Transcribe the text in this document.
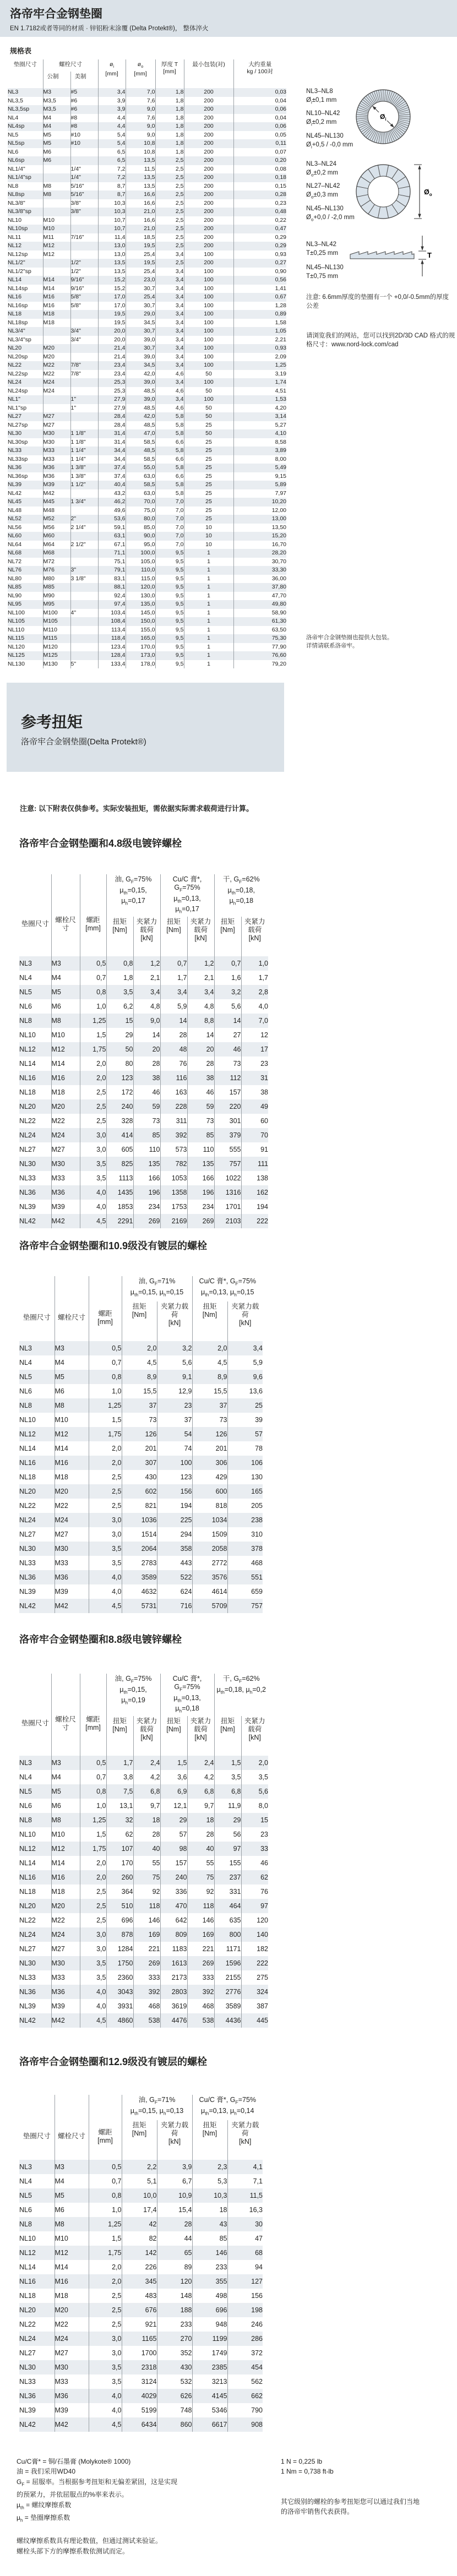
洛帝牢合金钢垫圈

EN 1.7182或者等同的材质 · 锌铝粉末涂覆 (Delta Protekt®)， 整体淬火

规格表
垫圈尺寸	螺栓尺寸		$ø_i$
[mm]	$ø_o$
[mm]	厚度 T
[mm]	最小包装(对)	大约重量
kg / 100对
	公制	美制					
NL3	M3	#5	3,4	7,0	1,8	200	0,03
NL3,5	M3,5	#6	3,9	7,6	1,8	200	0,04
NL3,5sp	M3,5	#6	3,9	9,0	1,8	200	0,06
NL4	M4	#8	4,4	7,6	1,8	200	0,04
NL4sp	M4	#8	4,4	9,0	1,8	200	0,06
NL5	M5	#10	5,4	9,0	1,8	200	0,05
NL5sp	M5	#10	5,4	10,8	1,8	200	0,11
NL6	M6		6,5	10,8	1,8	200	0,07
NL6sp	M6		6,5	13,5	2,5	200	0,20
NL1/4"		1/4"	7,2	11,5	2,5	200	0,08
NL1/4"sp		1/4"	7,2	13,5	2,5	200	0,18
NL8	M8	5/16"	8,7	13,5	2,5	200	0,15
NL8sp	M8	5/16"	8,7	16,6	2,5	200	0,28
NL3/8"		3/8"	10,3	16,6	2,5	200	0,23
NL3/8"sp		3/8"	10,3	21,0	2,5	200	0,48
NL10	M10		10,7	16,6	2,5	200	0,22
NL10sp	M10		10,7	21,0	2,5	200	0,47
NL11	M11	7/16"	11,4	18,5	2,5	200	0,29
NL12	M12		13,0	19,5	2,5	200	0,29
NL12sp	M12		13,0	25,4	3,4	100	0,93
NL1/2"		1/2"	13,5	19,5	2,5	200	0,27
NL1/2"sp		1/2"	13,5	25,4	3,4	100	0,90
NL14	M14	9/16"	15,2	23,0	3,4	100	0,56
NL14sp	M14	9/16"	15,2	30,7	3,4	100	1,41
NL16	M16	5/8"	17,0	25,4	3,4	100	0,67
NL16sp	M16	5/8"	17,0	30,7	3,4	100	1,28
NL18	M18		19,5	29,0	3,4	100	0,89
NL18sp	M18		19,5	34,5	3,4	100	1,58
NL3/4"		3/4"	20,0	30,7	3,4	100	1,05
NL3/4"sp		3/4"	20,0	39,0	3,4	100	2,21
NL20	M20		21,4	30,7	3,4	100	0,93
NL20sp	M20		21,4	39,0	3,4	100	2,09
NL22	M22	7/8"	23,4	34,5	3,4	100	1,25
NL22sp	M22	7/8"	23,4	42,0	4,6	50	3,19
NL24	M24		25,3	39,0	3,4	100	1,74
NL24sp	M24		25,3	48,5	4,6	50	4,51
NL1"		1"	27,9	39,0	3,4	100	1,53
NL1"sp		1"	27,9	48,5	4,6	50	4,20
NL27	M27		28,4	42,0	5,8	50	3,14
NL27sp	M27		28,4	48,5	5,8	25	5,27
NL30	M30	1 1/8"	31,4	47,0	5,8	50	4,10
NL30sp	M30	1 1/8"	31,4	58,5	6,6	25	8,58
NL33	M33	1 1/4"	34,4	48,5	5,8	25	3,89
NL33sp	M33	1 1/4"	34,4	58,5	6,6	25	8,00
NL36	M36	1 3/8"	37,4	55,0	5,8	25	5,49
NL36sp	M36	1 3/8"	37,4	63,0	6,6	25	9,15
NL39	M39	1 1/2"	40,4	58,5	5,8	25	5,89
NL42	M42		43,2	63,0	5,8	25	7,97
NL45	M45	1 3/4"	46,2	70,0	7,0	25	10,20
NL48	M48		49,6	75,0	7,0	25	12,00
NL52	M52	2"	53,6	80,0	7,0	25	13,00
NL56	M56	2 1/4"	59,1	85,0	7,0	10	13,50
NL60	M60		63,1	90,0	7,0	10	15,20
NL64	M64	2 1/2"	67,1	95,0	7,0	10	16,70
NL68	M68		71,1	100,0	9,5	1	28,20
NL72	M72		75,1	105,0	9,5	1	30,70
NL76	M76	3"	79,1	110,0	9,5	1	33,30
NL80	M80	3 1/8"	83,1	115,0	9,5	1	36,00
NL85	M85		88,1	120,0	9,5	1	37,80
NL90	M90		92,4	130,0	9,5	1	47,70
NL95	M95		97,4	135,0	9,5	1	49,80
NL100	M100	4"	103,4	145,0	9,5	1	58,90
NL105	M105		108,4	150,0	9,5	1	61,30
NL110	M110		113,4	155,0	9,5	1	63,50
NL115	M115		118,4	165,0	9,5	1	75,30
NL120	M120		123,4	170,0	9,5	1	77,90
NL125	M125		128,4	173,0	9,5	1	76,60
NL130	M130	5"	133,4	178,0	9,5	1	79,20
NL3–NL8
$Ø_i\pm 0,1$ mm
NL10–NL42
$Ø_i\pm 0,2$ mm
NL45–NL130
$Ø_i+0,5 / -0,0$ mm
$Ø_i$
NL3–NL24
$Ø_o\pm 0,2$ mm
NL27–NL42
$Ø_o\pm 0,3$ mm
NL45–NL130
$Ø_o+0,0 / -2,0$ mm
$Ø_o$
NL3–NL42
T±0,25 mm	T
NL45–NL130
T±0,75 mm

注意: 6.6mm厚度的垫圈有一个 +0,0/-0.5mm的厚度公差

请浏览我们的网站，您可以找到2D/3D CAD 格式的规格尺寸：www.nord-lock.com/cad

洛帝牢合金钢垫圈也提供大包装。
详情请联系洛帝牢。

参考扭矩

洛帝牢合金钢垫圈(Delta Protekt®)

注意: 以下附表仅供参考。实际安装扭矩，需依据实际需求载荷进行计算。

洛帝牢合金钢垫圈和4.8级电镀锌螺栓
垫圈尺寸	螺栓尺寸	螺距
[mm]	油, $G_F=75\%$
$\mu_{th}=0,15$, $\mu_h=0,17$		Cu/C 膏*, $G_F=75\%$
$\mu_{th}=0,13$, $\mu_h=0,17$		干, $G_F=62\%$
$\mu_{th}=0,18$, $\mu_h=0,18$	
			扭矩
[Nm]	夹紧力载荷
[kN]	扭矩
[Nm]	夹紧力载荷
[kN]	扭矩
[Nm]	夹紧力载荷
[kN]
NL3	M3	0,5	0,8	1,2	0,7	1,2	0,7	1,0
NL4	M4	0,7	1,8	2,1	1,7	2,1	1,6	1,7
NL5	M5	0,8	3,5	3,4	3,4	3,4	3,2	2,8
NL6	M6	1,0	6,2	4,8	5,9	4,8	5,6	4,0
NL8	M8	1,25	15	9,0	14	8,8	14	7,0
NL10	M10	1,5	29	14	28	14	27	12
NL12	M12	1,75	50	20	48	20	46	17
NL14	M14	2,0	80	28	76	28	73	23
NL16	M16	2,0	123	38	116	38	112	31
NL18	M18	2,5	172	46	163	46	157	38
NL20	M20	2,5	240	59	228	59	220	49
NL22	M22	2,5	328	73	311	73	301	60
NL24	M24	3,0	414	85	392	85	379	70
NL27	M27	3,0	605	110	573	110	555	91
NL30	M30	3,5	825	135	782	135	757	111
NL33	M33	3,5	1113	166	1053	166	1022	138
NL36	M36	4,0	1435	196	1358	196	1316	162
NL39	M39	4,0	1853	234	1753	234	1701	194
NL42	M42	4,5	2291	269	2169	269	2103	222
洛帝牢合金钢垫圈和10.9级没有镀层的螺栓
垫圈尺寸	螺栓尺寸	螺距
[mm]	油, $G_F=71\%$
$\mu_{th}=0,15$, $\mu_h=0,15$		Cu/C 膏*, $G_F=75\%$
$\mu_{th}=0,13$, $\mu_h=0,15$	
			扭矩
[Nm]	夹紧力载荷
[kN]	扭矩
[Nm]	夹紧力载荷
[kN]
NL3	M3	0,5	2,0	3,2	2,0	3,4
NL4	M4	0,7	4,5	5,6	4,5	5,9
NL5	M5	0,8	8,9	9,1	8,9	9,6
NL6	M6	1,0	15,5	12,9	15,5	13,6
NL8	M8	1,25	37	23	37	25
NL10	M10	1,5	73	37	73	39
NL12	M12	1,75	126	54	126	57
NL14	M14	2,0	201	74	201	78
NL16	M16	2,0	307	100	306	106
NL18	M18	2,5	430	123	429	130
NL20	M20	2,5	602	156	600	165
NL22	M22	2,5	821	194	818	205
NL24	M24	3,0	1036	225	1034	238
NL27	M27	3,0	1514	294	1509	310
NL30	M30	3,5	2064	358	2058	378
NL33	M33	3,5	2783	443	2772	468
NL36	M36	4,0	3589	522	3576	551
NL39	M39	4,0	4632	624	4614	659
NL42	M42	4,5	5731	716	5709	757
洛帝牢合金钢垫圈和8.8级电镀锌螺栓
垫圈尺寸	螺栓尺寸	螺距
[mm]	油, $G_F=75\%$
$\mu_{th}=0,15$, $\mu_h=0,19$		Cu/C 膏*, $G_F=75\%$
$\mu_{th}=0,13$, $\mu_h=0,18$		干, $G_F=62\%$
$\mu_{th}=0,18$, $\mu_h=0,2$	
			扭矩
[Nm]	夹紧力载荷
[kN]	扭矩
[Nm]	夹紧力载荷
[kN]	扭矩
[Nm]	夹紧力载荷
[kN]
NL3	M3	0,5	1,7	2,4	1,5	2,4	1,5	2,0
NL4	M4	0,7	3,8	4,2	3,6	4,2	3,5	3,5
NL5	M5	0,8	7,5	6,8	6,9	6,8	6,8	5,6
NL6	M6	1,0	13,1	9,7	12,1	9,7	11,9	8,0
NL8	M8	1,25	32	18	29	18	29	15
NL10	M10	1,5	62	28	57	28	56	23
NL12	M12	1,75	107	40	98	40	97	33
NL14	M14	2,0	170	55	157	55	155	46
NL16	M16	2,0	260	75	240	75	237	62
NL18	M18	2,5	364	92	336	92	331	76
NL20	M20	2,5	510	118	470	118	464	97
NL22	M22	2,5	696	146	642	146	635	120
NL24	M24	3,0	878	169	809	169	800	140
NL27	M27	3,0	1284	221	1183	221	1171	182
NL30	M30	3,5	1750	269	1613	269	1596	222
NL33	M33	3,5	2360	333	2173	333	2155	275
NL36	M36	4,0	3043	392	2803	392	2776	324
NL39	M39	4,0	3931	468	3619	468	3589	387
NL42	M42	4,5	4860	538	4476	538	4436	445
洛帝牢合金钢垫圈和12.9级没有镀层的螺栓
垫圈尺寸	螺栓尺寸	螺距
[mm]	油, $G_F=71\%$
$\mu_{th}=0,15$, $\mu_h=0,13$		Cu/C 膏*, $G_F=75\%$
$\mu_{th}=0,13$, $\mu_h=0,14$	
			扭矩
[Nm]	夹紧力载荷
[kN]	扭矩
[Nm]	夹紧力载荷
[kN]
NL3	M3	0,5	2,2	3,9	2,3	4,1
NL4	M4	0,7	5,1	6,7	5,3	7,1
NL5	M5	0,8	10,0	10,9	10,3	11,5
NL6	M6	1,0	17,4	15,4	18	16,3
NL8	M8	1,25	42	28	43	30
NL10	M10	1,5	82	44	85	47
NL12	M12	1,75	142	65	146	68
NL14	M14	2,0	226	89	233	94
NL16	M16	2,0	345	120	355	127
NL18	M18	2,5	483	148	498	156
NL20	M20	2,5	676	188	696	198
NL22	M22	2,5	921	233	948	246
NL24	M24	3,0	1165	270	1199	286
NL27	M27	3,0	1700	352	1749	372
NL30	M30	3,5	2318	430	2385	454
NL33	M33	3,5	3124	532	3213	562
NL36	M36	4,0	4029	626	4145	662
NL39	M39	4,0	5199	748	5346	790
NL42	M42	4,5	6434	860	6617	908
Cu/C膏* = 铜/石墨膏 (Molykote® 1000)
油 = 我们采用WD40
$G_F$ = 屈服率。当根据参考扭矩和无偏差紧固，这是实现
的预紧力，并依屈服点的%率来表示。
$\mu_{th}$ = 螺纹摩擦系数
$\mu_h$ = 垫圈摩擦系数

螺纹摩擦系数具有理论数值，但通过测试来验证。
螺栓头部下方的摩擦系数依测试而定。
1 N = 0,225 lb
1 Nm = 0,738 ft-lb

其它级别的螺栓的参考扭矩您可以通过我们当地
的洛帝牢销售代表获得。
